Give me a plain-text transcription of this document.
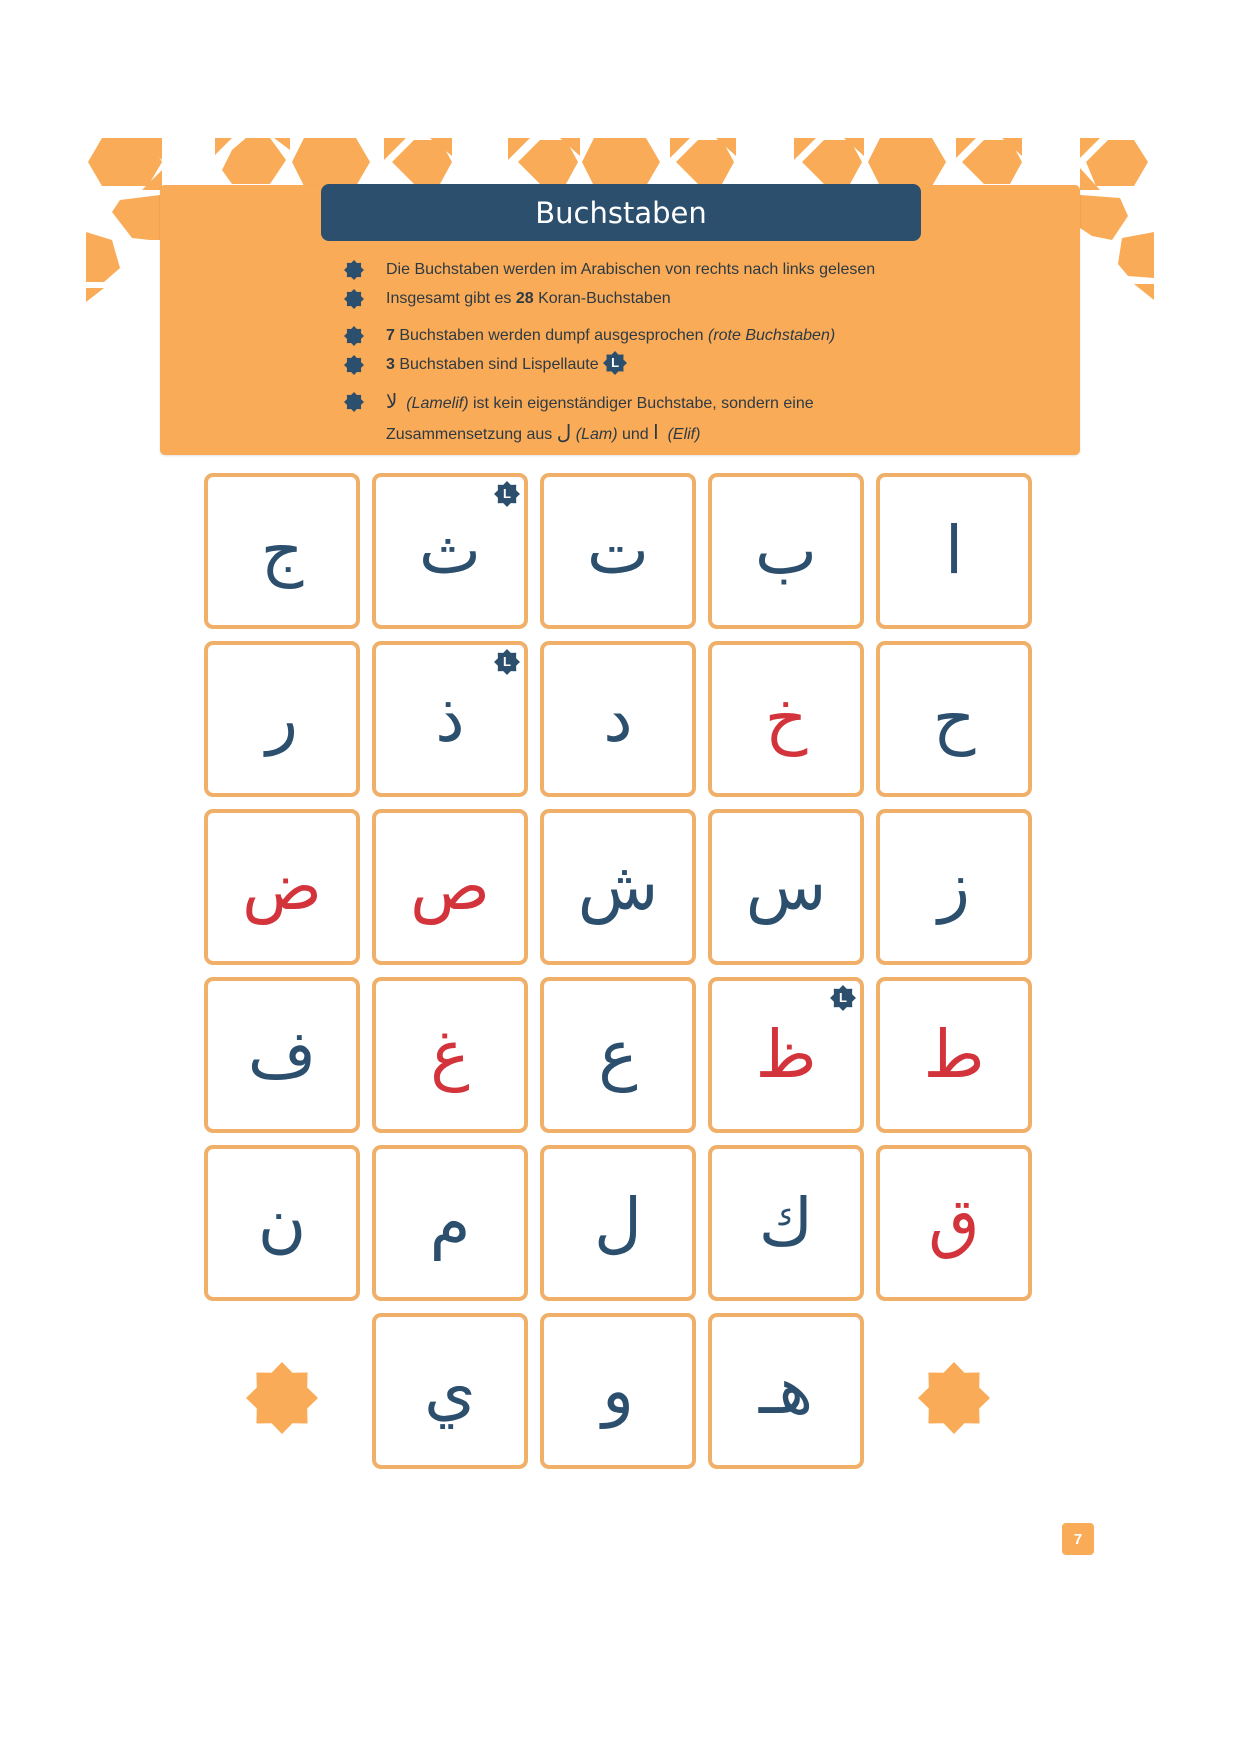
Buchstaben
Die Buchstaben werden im Arabischen von rechts nach links gelesen
Insgesamt gibt es 28 Koran-Buchstaben
7 Buchstaben werden dumpf ausgesprochen (rote Buchstaben)
3 Buchstaben sind Lispellaute L
لا (Lamelif) ist kein eigenständiger Buchstabe, sondern eine
Zusammensetzung aus ل (Lam) und ا (Elif)
ج ث
L
ت ب ا
ر ذ
L
د خ ح
ض ص ش س ز
ف غ ع ظ
L
ط
ن م ل ك ق
ي و هـ
7
